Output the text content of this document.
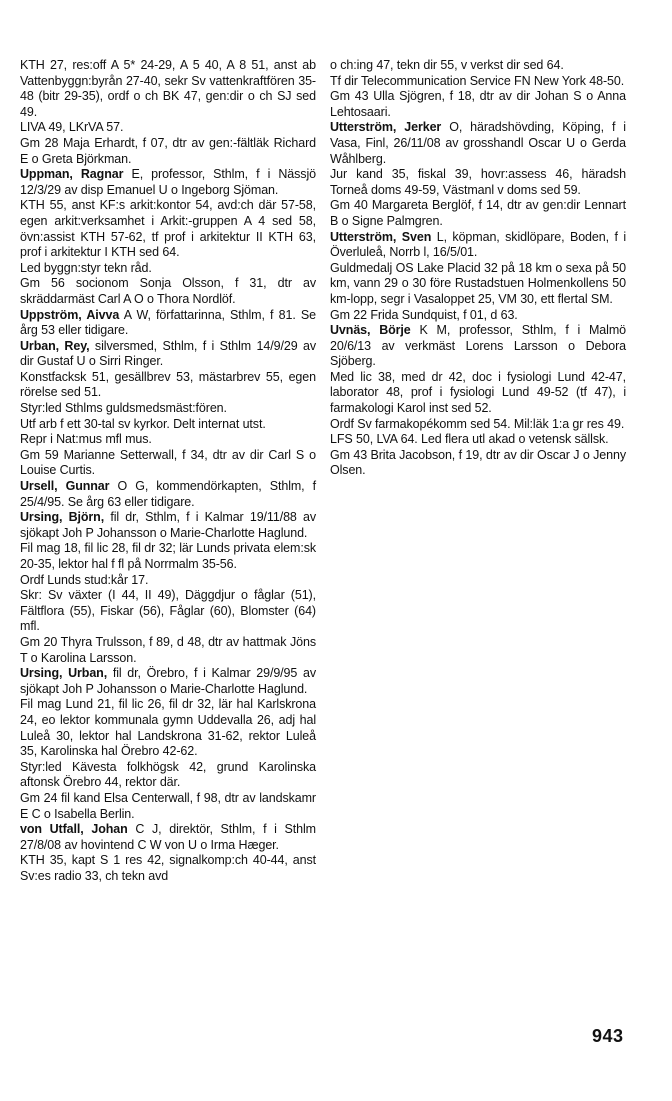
KTH 27, res:off A 5* 24-29, A 5 40, A 8 51, anst ab Vattenbyggn:byrån 27-40, sekr Sv vattenkraftfören 35-48 (bitr 29-35), ordf o ch BK 47, gen:dir o ch SJ sed 49.

LIVA 49, LKrVA 57.

Gm 28 Maja Erhardt, f 07, dtr av gen:-fältläk Richard E o Greta Björkman.

Uppman, Ragnar E, professor, Sthlm, f i Nässjö 12/3/29 av disp Emanuel U o Ingeborg Sjöman.

KTH 55, anst KF:s arkit:kontor 54, avd:ch där 57-58, egen arkit:verksamhet i Arkit:-gruppen A 4 sed 58, övn:assist KTH 57-62, tf prof i arkitektur II KTH 63, prof i arkitektur I KTH sed 64.

Led byggn:styr tekn råd.

Gm 56 socionom Sonja Olsson, f 31, dtr av skräddarmäst Carl A O o Thora Nordlöf.

Uppström, Aivva A W, författarinna, Sthlm, f 81. Se årg 53 eller tidigare.

Urban, Rey, silversmed, Sthlm, f i Sthlm 14/9/29 av dir Gustaf U o Sirri Ringer.

Konstfacksk 51, gesällbrev 53, mästarbrev 55, egen rörelse sed 51.

Styr:led Sthlms guldsmedsmäst:fören.

Utf arb f ett 30-tal sv kyrkor. Delt internat utst.

Repr i Nat:mus mfl mus.

Gm 59 Marianne Setterwall, f 34, dtr av dir Carl S o Louise Curtis.

Ursell, Gunnar O G, kommendörkapten, Sthlm, f 25/4/95. Se årg 63 eller tidigare.

Ursing, Björn, fil dr, Sthlm, f i Kalmar 19/11/88 av sjökapt Joh P Johansson o Marie-Charlotte Haglund.

Fil mag 18, fil lic 28, fil dr 32; lär Lunds privata elem:sk 20-35, lektor hal f fl på Norrmalm 35-56.

Ordf Lunds stud:kår 17.

Skr: Sv växter (I 44, II 49), Däggdjur o fåglar (51), Fältflora (55), Fiskar (56), Fåglar (60), Blomster (64) mfl.

Gm 20 Thyra Trulsson, f 89, d 48, dtr av hattmak Jöns T o Karolina Larsson.

Ursing, Urban, fil dr, Örebro, f i Kalmar 29/9/95 av sjökapt Joh P Johansson o Marie-Charlotte Haglund.

Fil mag Lund 21, fil lic 26, fil dr 32, lär hal Karlskrona 24, eo lektor kommunala gymn Uddevalla 26, adj hal Luleå 30, lektor hal Landskrona 31-62, rektor Luleå 35, Karolinska hal Örebro 42-62.

Styr:led Kävesta folkhögsk 42, grund Karolinska aftonsk Örebro 44, rektor där.

Gm 24 fil kand Elsa Centerwall, f 98, dtr av landskamr E C o Isabella Berlin.

von Utfall, Johan C J, direktör, Sthlm, f i Sthlm 27/8/08 av hovintend C W von U o Irma Hæger.

KTH 35, kapt S 1 res 42, signalkomp:ch 40-44, anst Sv:es radio 33, ch tekn avd

o ch:ing 47, tekn dir 55, v verkst dir sed 64.

Tf dir Telecommunication Service FN New York 48-50.

Gm 43 Ulla Sjögren, f 18, dtr av dir Johan S o Anna Lehtosaari.

Utterström, Jerker O, häradshövding, Köping, f i Vasa, Finl, 26/11/08 av grosshandl Oscar U o Gerda Wåhlberg.

Jur kand 35, fiskal 39, hovr:assess 46, häradsh Torneå doms 49-59, Västmanl v doms sed 59.

Gm 40 Margareta Berglöf, f 14, dtr av gen:dir Lennart B o Signe Palmgren.

Utterström, Sven L, köpman, skidlöpare, Boden, f i Överluleå, Norrb l, 16/5/01.

Guldmedalj OS Lake Placid 32 på 18 km o sexa på 50 km, vann 29 o 30 före Rustadstuen Holmenkollens 50 km-lopp, segr i Vasaloppet 25, VM 30, ett flertal SM.

Gm 22 Frida Sundquist, f 01, d 63.

Uvnäs, Börje K M, professor, Sthlm, f i Malmö 20/6/13 av verkmäst Lorens Larsson o Debora Sjöberg.

Med lic 38, med dr 42, doc i fysiologi Lund 42-47, laborator 48, prof i fysiologi Lund 49-52 (tf 47), i farmakologi Karol inst sed 52.

Ordf Sv farmakopékomm sed 54. Mil:läk 1:a gr res 49.

LFS 50, LVA 64. Led flera utl akad o vetensk sällsk.

Gm 43 Brita Jacobson, f 19, dtr av dir Oscar J o Jenny Olsen.

943
